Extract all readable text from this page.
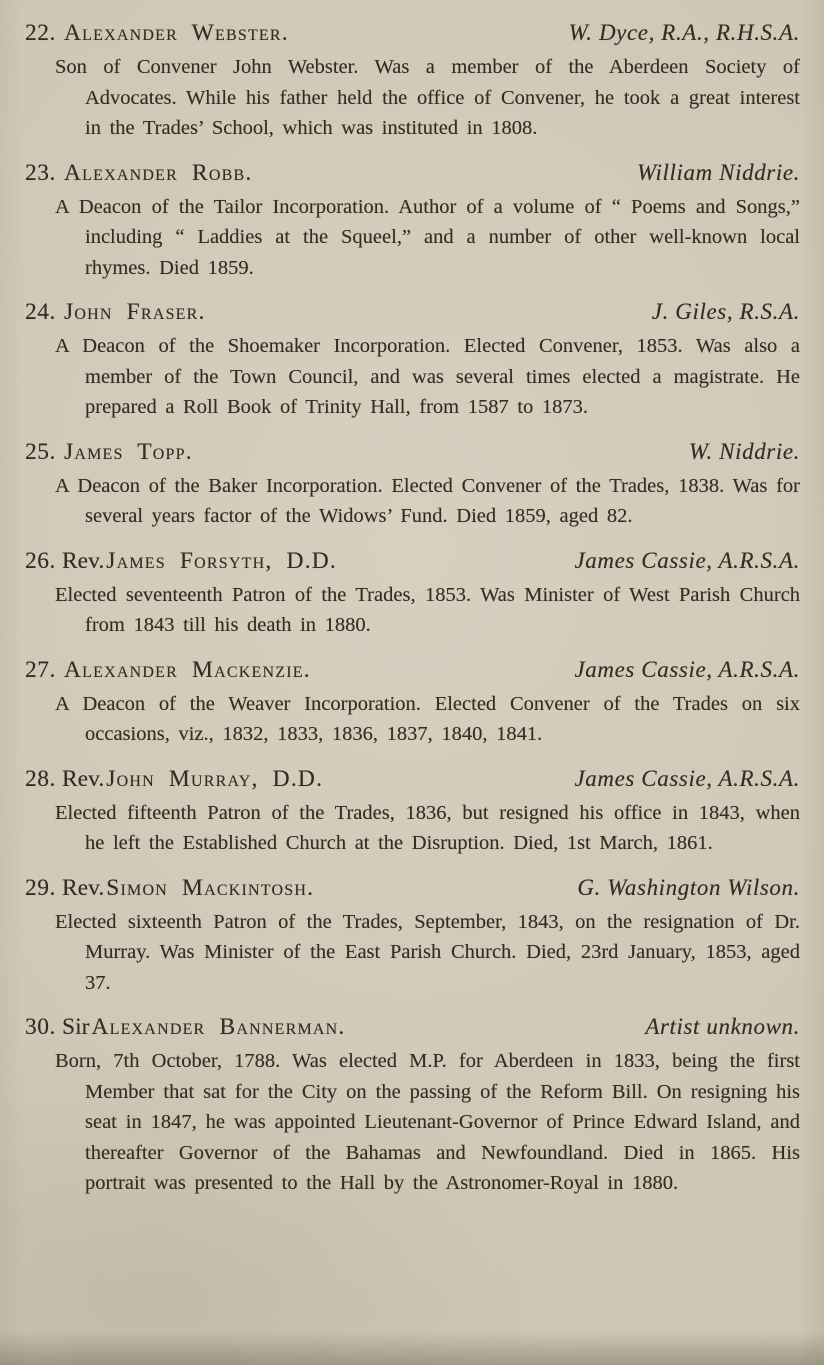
22. Alexander Webster.	W. Dyce, R.A., R.H.S.A.
Son of Convener John Webster. Was a member of the Aberdeen Society of Advocates. While his father held the office of Convener, he took a great interest in the Trades’ School, which was instituted in 1808.
23. Alexander Robb.	William Niddrie.
A Deacon of the Tailor Incorporation. Author of a volume of “ Poems and Songs,” including “ Laddies at the Squeel,” and a number of other well-known local rhymes. Died 1859.
24. John Fraser.	J. Giles, R.S.A.
A Deacon of the Shoemaker Incorporation. Elected Convener, 1853. Was also a member of the Town Council, and was several times elected a magistrate. He prepared a Roll Book of Trinity Hall, from 1587 to 1873.
25. James Topp.	W. Niddrie.
A Deacon of the Baker Incorporation. Elected Convener of the Trades, 1838. Was for several years factor of the Widows’ Fund. Died 1859, aged 82.
26. Rev. James Forsyth, D.D.	James Cassie, A.R.S.A.
Elected seventeenth Patron of the Trades, 1853. Was Minister of West Parish Church from 1843 till his death in 1880.
27. Alexander Mackenzie.	James Cassie, A.R.S.A.
A Deacon of the Weaver Incorporation. Elected Convener of the Trades on six occasions, viz., 1832, 1833, 1836, 1837, 1840, 1841.
28. Rev. John Murray, D.D.	James Cassie, A.R.S.A.
Elected fifteenth Patron of the Trades, 1836, but resigned his office in 1843, when he left the Established Church at the Disruption. Died, 1st March, 1861.
29. Rev. Simon Mackintosh.	G. Washington Wilson.
Elected sixteenth Patron of the Trades, September, 1843, on the resignation of Dr. Murray. Was Minister of the East Parish Church. Died, 23rd January, 1853, aged 37.
30. Sir Alexander Bannerman.	Artist unknown.
Born, 7th October, 1788. Was elected M.P. for Aberdeen in 1833, being the first Member that sat for the City on the passing of the Reform Bill. On resigning his seat in 1847, he was appointed Lieutenant-Governor of Prince Edward Island, and thereafter Governor of the Bahamas and Newfoundland. Died in 1865. His portrait was presented to the Hall by the Astronomer-Royal in 1880.
